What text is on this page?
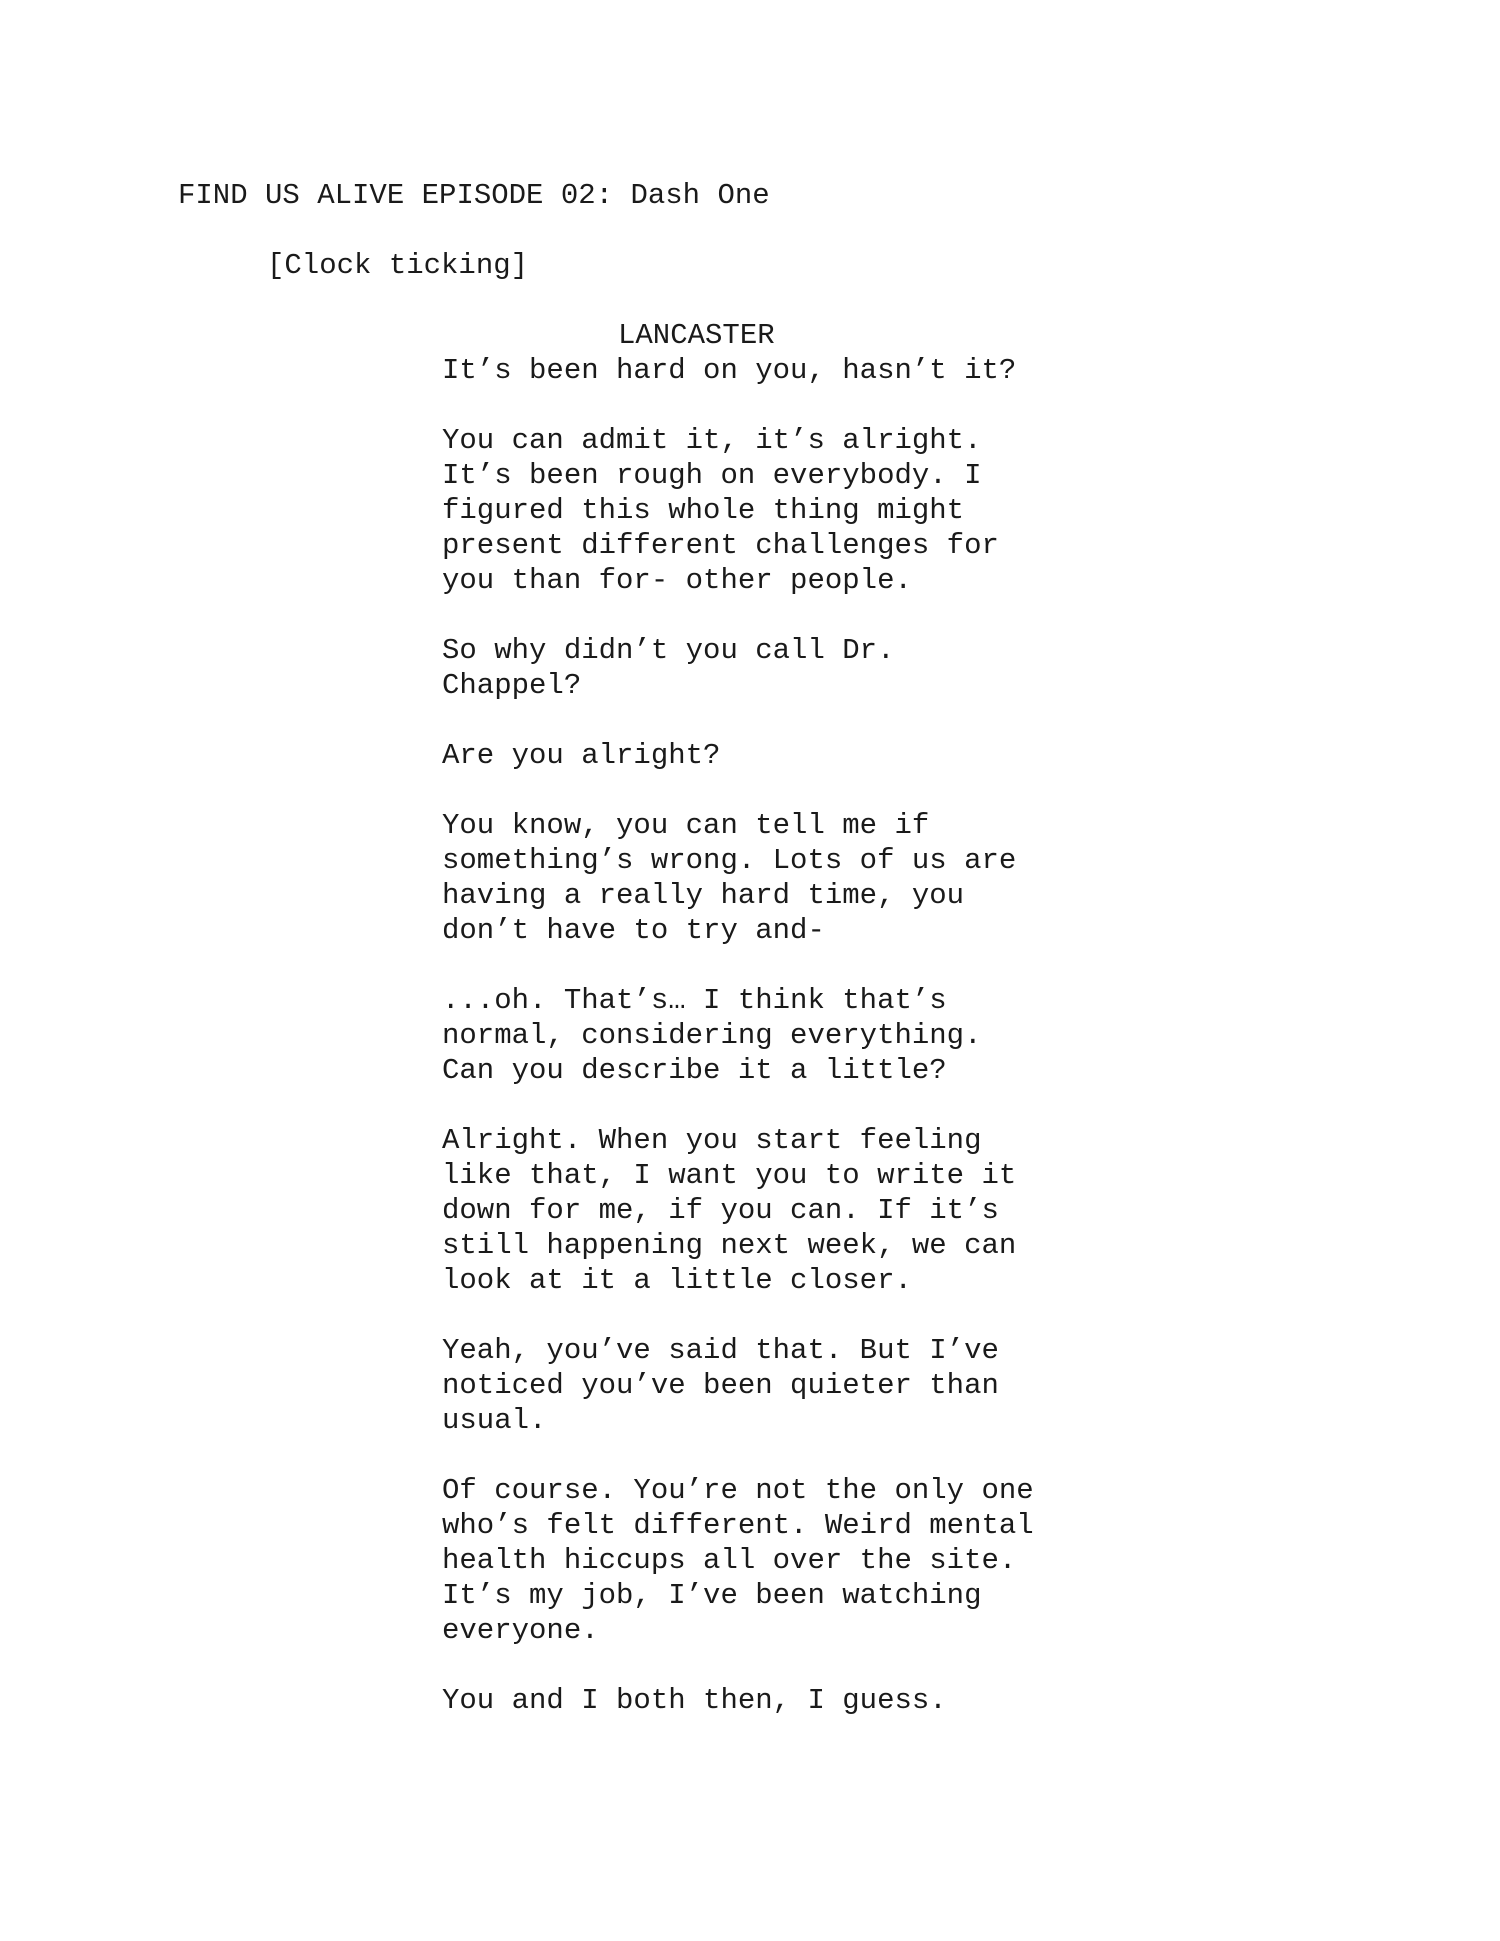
FIND US ALIVE EPISODE 02: Dash One
[Clock ticking]
LANCASTER
It’s been hard on you, hasn’t it?
You can admit it, it’s alright.
It’s been rough on everybody. I
figured this whole thing might
present different challenges for
you than for- other people.
So why didn’t you call Dr.
Chappel?
Are you alright?
You know, you can tell me if
something’s wrong. Lots of us are
having a really hard time, you
don’t have to try and-
...oh. That’s… I think that’s
normal, considering everything.
Can you describe it a little?
Alright. When you start feeling
like that, I want you to write it
down for me, if you can. If it’s
still happening next week, we can
look at it a little closer.
Yeah, you’ve said that. But I’ve
noticed you’ve been quieter than
usual.
Of course. You’re not the only one
who’s felt different. Weird mental
health hiccups all over the site.
It’s my job, I’ve been watching
everyone.
You and I both then, I guess.
